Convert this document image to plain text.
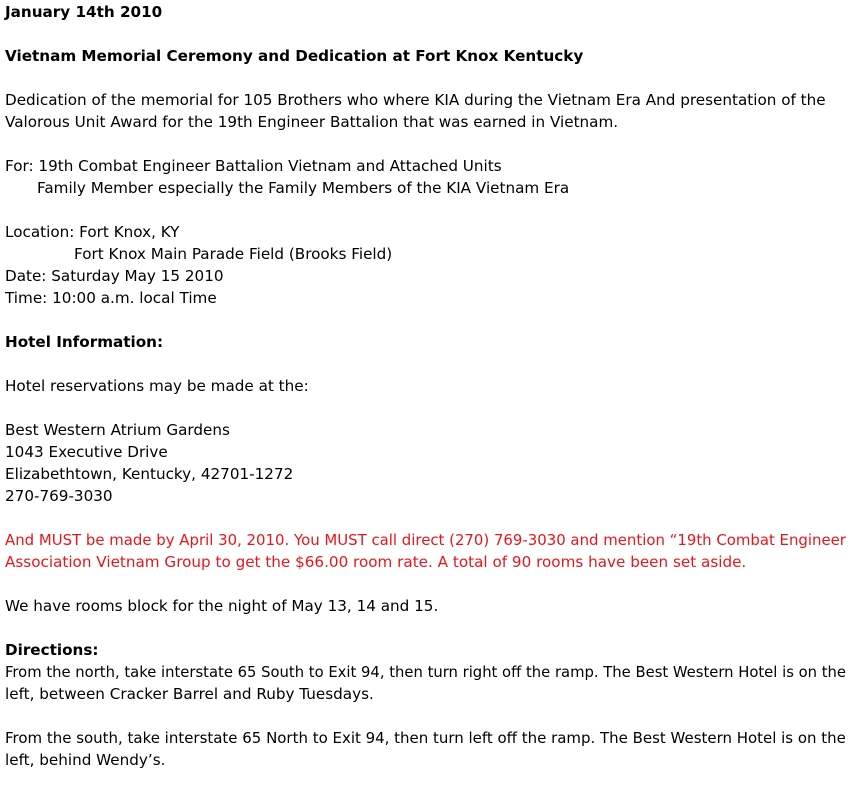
January 14th 2010
Vietnam Memorial Ceremony and Dedication at Fort Knox Kentucky
Dedication of the memorial for 105 Brothers who where KIA during the Vietnam Era And presentation of the
Valorous Unit Award for the 19th Engineer Battalion that was earned in Vietnam.
For: 19th Combat Engineer Battalion Vietnam and Attached Units
Family Member especially the Family Members of the KIA Vietnam Era
Location: Fort Knox, KY
Fort Knox Main Parade Field (Brooks Field)
Date: Saturday May 15 2010
Time: 10:00 a.m. local Time
Hotel Information:
Hotel reservations may be made at the:
Best Western Atrium Gardens
1043 Executive Drive
Elizabethtown, Kentucky, 42701-1272
270-769-3030
And MUST be made by April 30, 2010. You MUST call direct (270) 769-3030 and mention “19th Combat Engineer
Association Vietnam Group to get the $66.00 room rate. A total of 90 rooms have been set aside.
We have rooms block for the night of May 13, 14 and 15.
Directions:
From the north, take interstate 65 South to Exit 94, then turn right off the ramp. The Best Western Hotel is on the
left, between Cracker Barrel and Ruby Tuesdays.
From the south, take interstate 65 North to Exit 94, then turn left off the ramp. The Best Western Hotel is on the
left, behind Wendy’s.
